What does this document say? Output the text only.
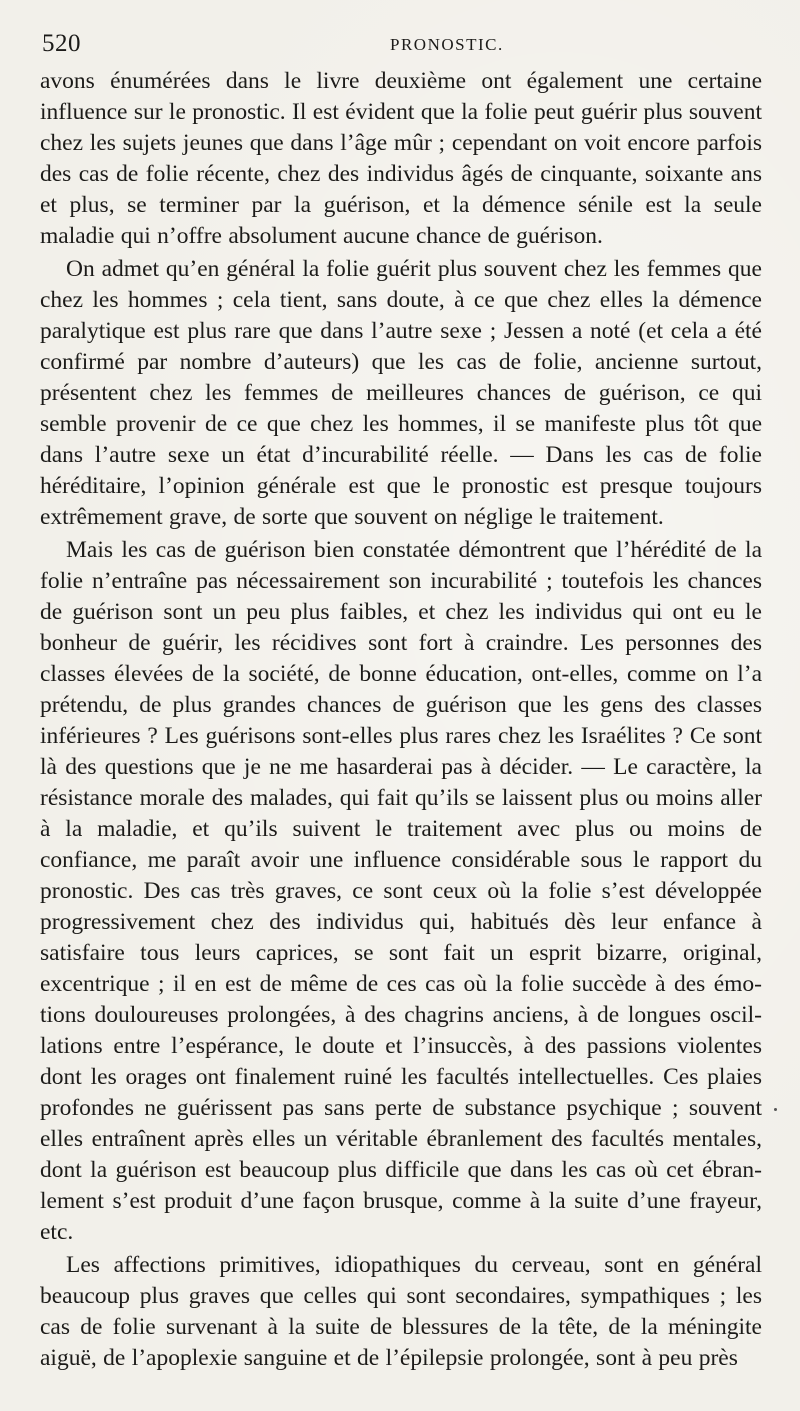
520	PRONOSTIC.

avons énumérées dans le livre deuxième ont également une certaine influence sur le pronostic. Il est évident que la folie peut guérir plus souvent chez les sujets jeunes que dans l’âge mûr ; cependant on voit encore parfois des cas de folie récente, chez des individus âgés de cinquante, soixante ans et plus, se terminer par la guérison, et la démence sénile est la seule maladie qui n’offre absolument aucune chance de guérison.

On admet qu’en général la folie guérit plus souvent chez les femmes que chez les hommes ; cela tient, sans doute, à ce que chez elles la démence paralytique est plus rare que dans l’autre sexe ; Jessen a noté (et cela a été confirmé par nombre d’auteurs) que les cas de folie, ancienne surtout, présentent chez les femmes de meilleures chances de guérison, ce qui semble provenir de ce que chez les hommes, il se manifeste plus tôt que dans l’autre sexe un état d’incurabilité réelle. — Dans les cas de folie héréditaire, l’opinion générale est que le pronostic est presque toujours extrêmement grave, de sorte que souvent on néglige le traitement.

Mais les cas de guérison bien constatée démontrent que l’hérédité de la folie n’entraîne pas nécessairement son incurabilité ; toutefois les chances de guérison sont un peu plus faibles, et chez les individus qui ont eu le bonheur de guérir, les récidives sont fort à craindre. Les personnes des classes élevées de la société, de bonne éducation, ont-elles, comme on l’a prétendu, de plus grandes chances de guérison que les gens des classes inférieures ? Les guérisons sont-elles plus rares chez les Israélites ? Ce sont là des questions que je ne me hasarderai pas à décider. — Le caractère, la résistance morale des malades, qui fait qu’ils se laissent plus ou moins aller à la maladie, et qu’ils suivent le traitement avec plus ou moins de confiance, me paraît avoir une influence considérable sous le rapport du pronostic. Des cas très graves, ce sont ceux où la folie s’est développée progressivement chez des individus qui, habitués dès leur enfance à satisfaire tous leurs caprices, se sont fait un esprit bizarre, original, excentrique ; il en est de même de ces cas où la folie succède à des émotions douloureuses prolongées, à des chagrins anciens, à de longues oscillations entre l’espérance, le doute et l’insuccès, à des passions violentes dont les orages ont finalement ruiné les facultés intellectuelles. Ces plaies profondes ne guérissent pas sans perte de substance psychique ; souvent elles entraînent après elles un véritable ébranlement des facultés mentales, dont la guérison est beaucoup plus difficile que dans les cas où cet ébranlement s’est produit d’une façon brusque, comme à la suite d’une frayeur, etc.

Les affections primitives, idiopathiques du cerveau, sont en général beaucoup plus graves que celles qui sont secondaires, sympathiques ; les cas de folie survenant à la suite de blessures de la tête, de la méningite aiguë, de l’apoplexie sanguine et de l’épilepsie prolongée, sont à peu près
